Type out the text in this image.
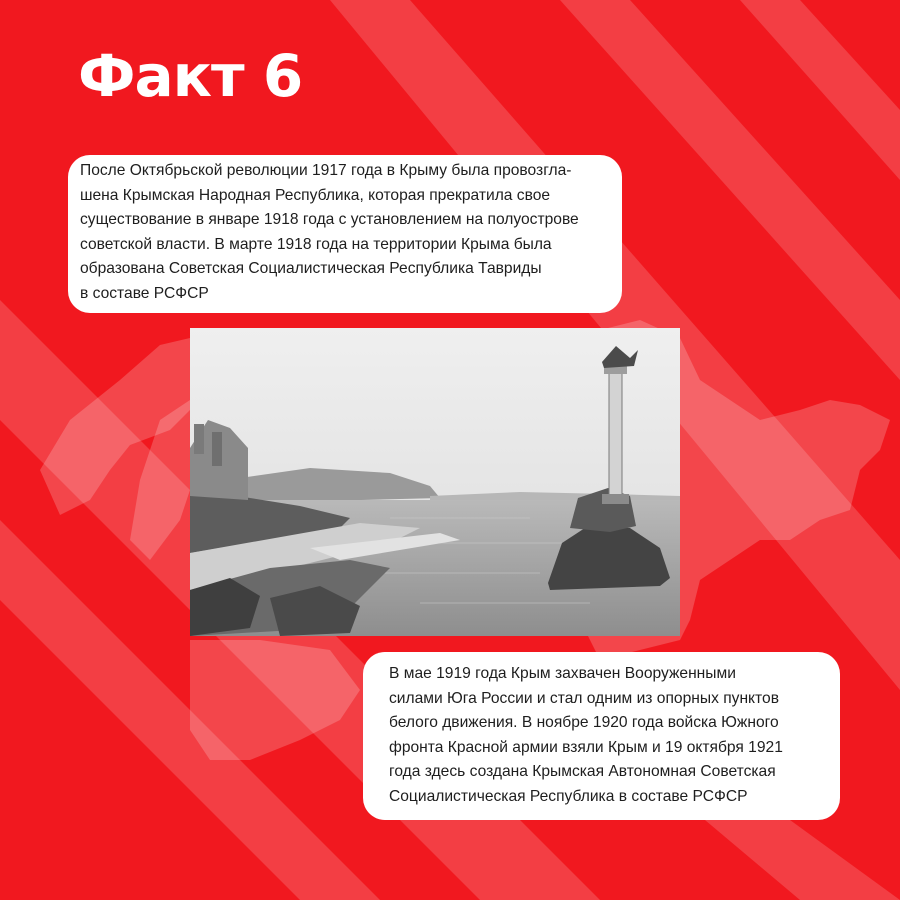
Факт 6

После Октябрьской революции 1917 года в Крыму была провозгла-
шена Крымская Народная Республика, которая прекратила свое
существование в январе 1918 года с установлением на полуострове
советской власти. В марте 1918 года на территории Крыма была
образована Советская Социалистическая Республика Тавриды
в составе РСФСР

В мае 1919 года Крым захвачен Вооруженными
силами Юга России и стал одним из опорных пунктов
белого движения. В ноябре 1920 года войска Южного
фронта Красной армии взяли Крым и 19 октября 1921
года здесь создана Крымская Автономная Советская
Социалистическая Республика в составе РСФСР
